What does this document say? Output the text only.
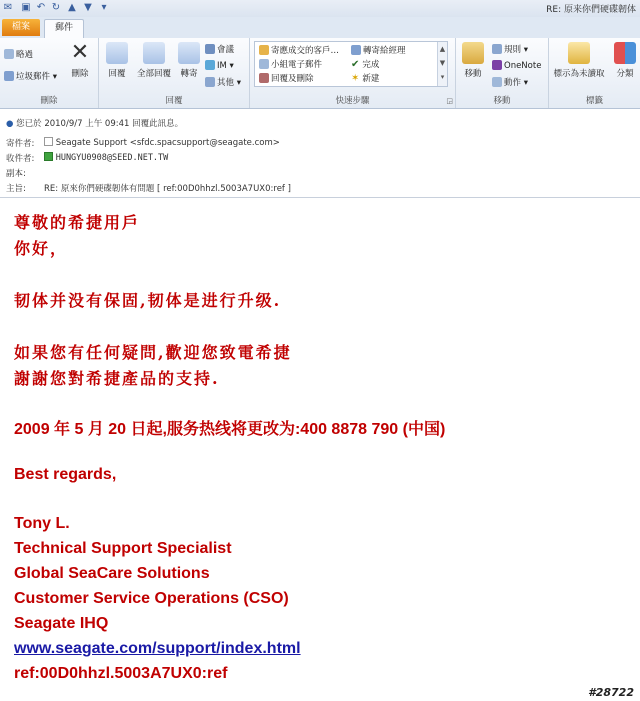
✉ ▣ ↶ ↻ ▲ ▼ ▾	RE: 原来你們硬碟韌体
檔案	郵件
略過
垃圾郵件 ▾
✕
刪除
刪除
回覆	全部回覆	轉寄
會議
IM ▾
其他 ▾
回覆
寄應成交的客戶…	轉寄給經理
小組電子郵件	✔ 完成
回覆及刪除	✶ 新建
▲
▼
▾
快速步驟	◲
移動
規則 ▾
OneNote
動作 ▾
移動
標示為未讀取	分類
標籤
● 您已於 2010/9/7 上午 09:41 回覆此訊息。
寄件者:	Seagate Support <sfdc.spacsupport@seagate.com>
收件者:	HUNGYU0908@SEED.NET.TW
副本:
主旨: RE: 原來你們硬碟韌体有問題 [ ref:00D0hhzl.5003A7UX0:ref ]
尊敬的希捷用戶
你好，
韧体并没有保固,韧体是进行升级.
如果您有任何疑問,歡迎您致電希捷
謝謝您對希捷產品的支持.
2009 年 5 月 20 日起,服务热线将更改为:400 8878 790 (中国)
Best regards,
Tony L.
Technical Support Specialist
Global SeaCare Solutions
Customer Service Operations (CSO)
Seagate IHQ
www.seagate.com/support/index.html
ref:00D0hhzl.5003A7UX0:ref
#28722
